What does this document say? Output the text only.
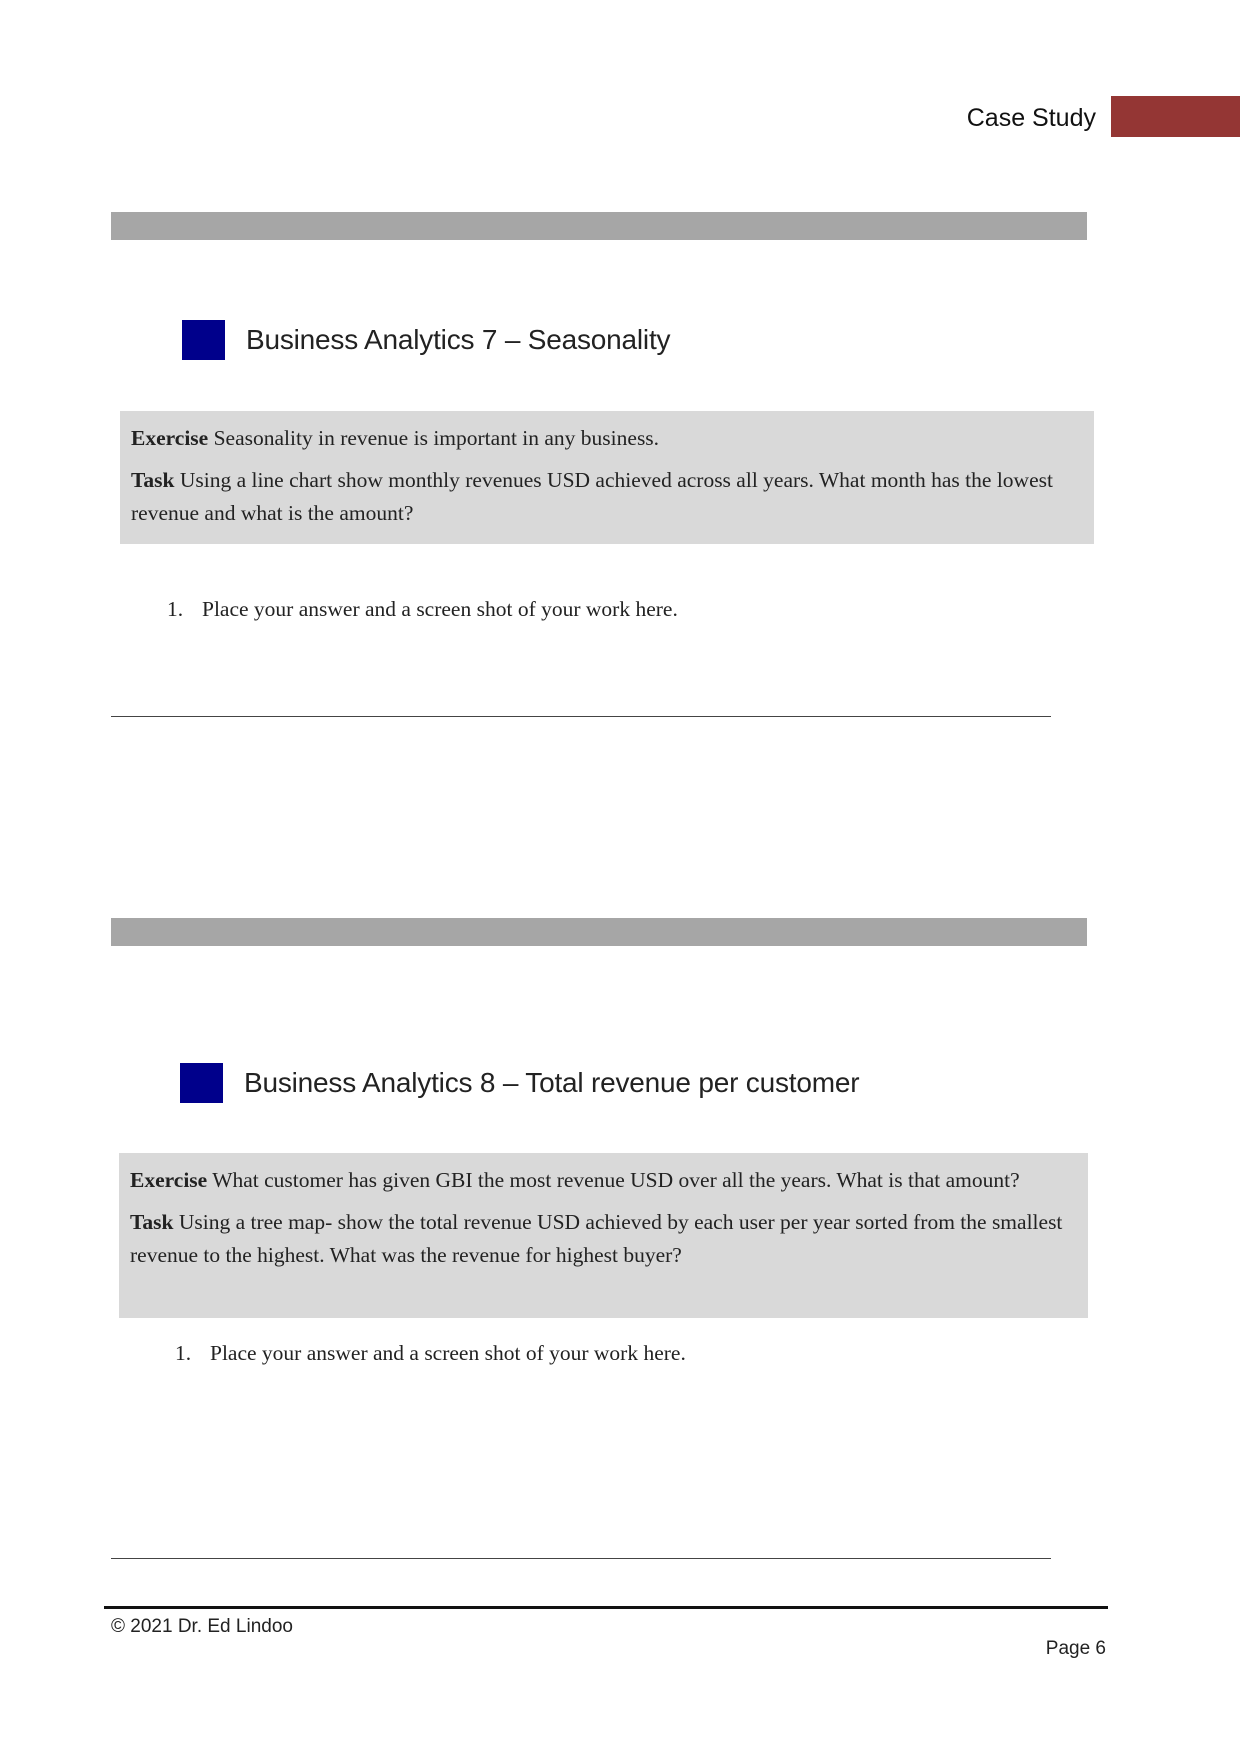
Case Study
Business Analytics 7 – Seasonality

Exercise Seasonality in revenue is important in any business.

Task Using a line chart show monthly revenues USD achieved across all years. What month has the lowest revenue and what is the amount?

1. Place your answer and a screen shot of your work here.
Business Analytics 8 – Total revenue per customer

Exercise What customer has given GBI the most revenue USD over all the years. What is that amount?

Task Using a tree map- show the total revenue USD achieved by each user per year sorted from the smallest revenue to the highest. What was the revenue for highest buyer?

1. Place your answer and a screen shot of your work here.
© 2021 Dr. Ed Lindoo
Page 6
